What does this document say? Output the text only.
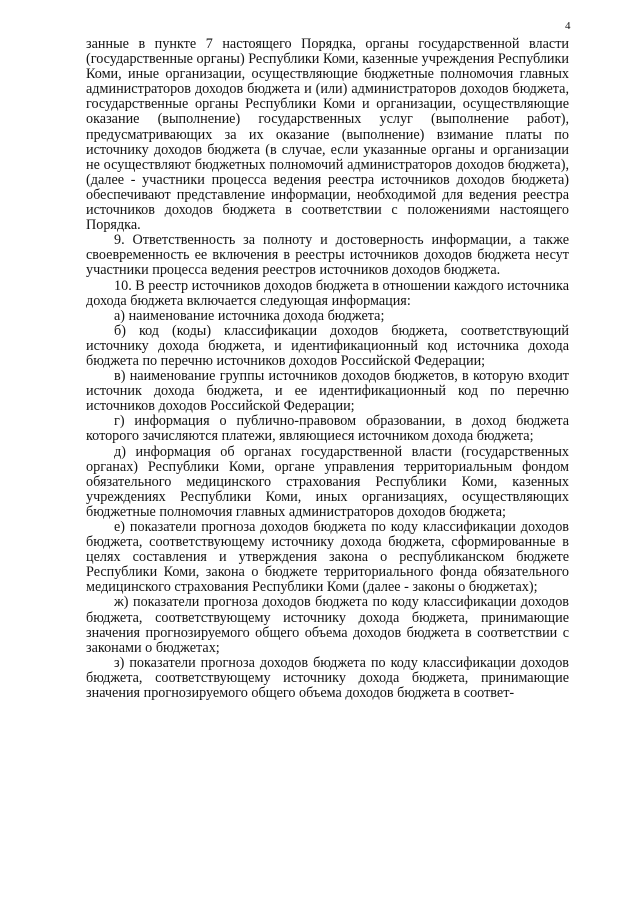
4

занные в пункте 7 настоящего Порядка, органы государственной власти (государственные органы) Республики Коми, казенные учреждения Республики Коми, иные организации, осуществляющие бюджетные полномочия главных администраторов доходов бюджета и (или) администраторов доходов бюджета, государственные органы Республики Коми и организации, осуществляющие оказание (выполнение) государственных услуг (выполнение работ), предусматривающих за их оказание (выполнение) взимание платы по источнику доходов бюджета (в случае, если указанные органы и организации не осуществляют бюджетных полномочий администраторов доходов бюджета), (далее - участники процесса ведения реестра источников доходов бюджета) обеспечивают представление информации, необходимой для ведения реестра источников доходов бюджета в соответствии с положениями настоящего Порядка.

9. Ответственность за полноту и достоверность информации, а также своевременность ее включения в реестры источников доходов бюджета несут участники процесса ведения реестров источников доходов бюджета.

10. В реестр источников доходов бюджета в отношении каждого источника дохода бюджета включается следующая информация:

а) наименование источника дохода бюджета;

б) код (коды) классификации доходов бюджета, соответствующий источнику дохода бюджета, и идентификационный код источника дохода бюджета по перечню источников доходов Российской Федерации;

в) наименование группы источников доходов бюджетов, в которую входит источник дохода бюджета, и ее идентификационный код по перечню источников доходов Российской Федерации;

г) информация о публично-правовом образовании, в доход бюджета которого зачисляются платежи, являющиеся источником дохода бюджета;

д) информация об органах государственной власти (государственных органах) Республики Коми, органе управления территориальным фондом обязательного медицинского страхования Республики Коми, казенных учреждениях Республики Коми, иных организациях, осуществляющих бюджетные полномочия главных администраторов доходов бюджета;

е) показатели прогноза доходов бюджета по коду классификации доходов бюджета, соответствующему источнику дохода бюджета, сформированные в целях составления и утверждения закона о республиканском бюджете Республики Коми, закона о бюджете территориального фонда обязательного медицинского страхования Республики Коми (далее - законы о бюджетах);

ж) показатели прогноза доходов бюджета по коду классификации доходов бюджета, соответствующему источнику дохода бюджета, принимающие значения прогнозируемого общего объема доходов бюджета в соответствии с законами о бюджетах;

з) показатели прогноза доходов бюджета по коду классификации доходов бюджета, соответствующему источнику дохода бюджета, принимающие значения прогнозируемого общего объема доходов бюджета в соответ-
